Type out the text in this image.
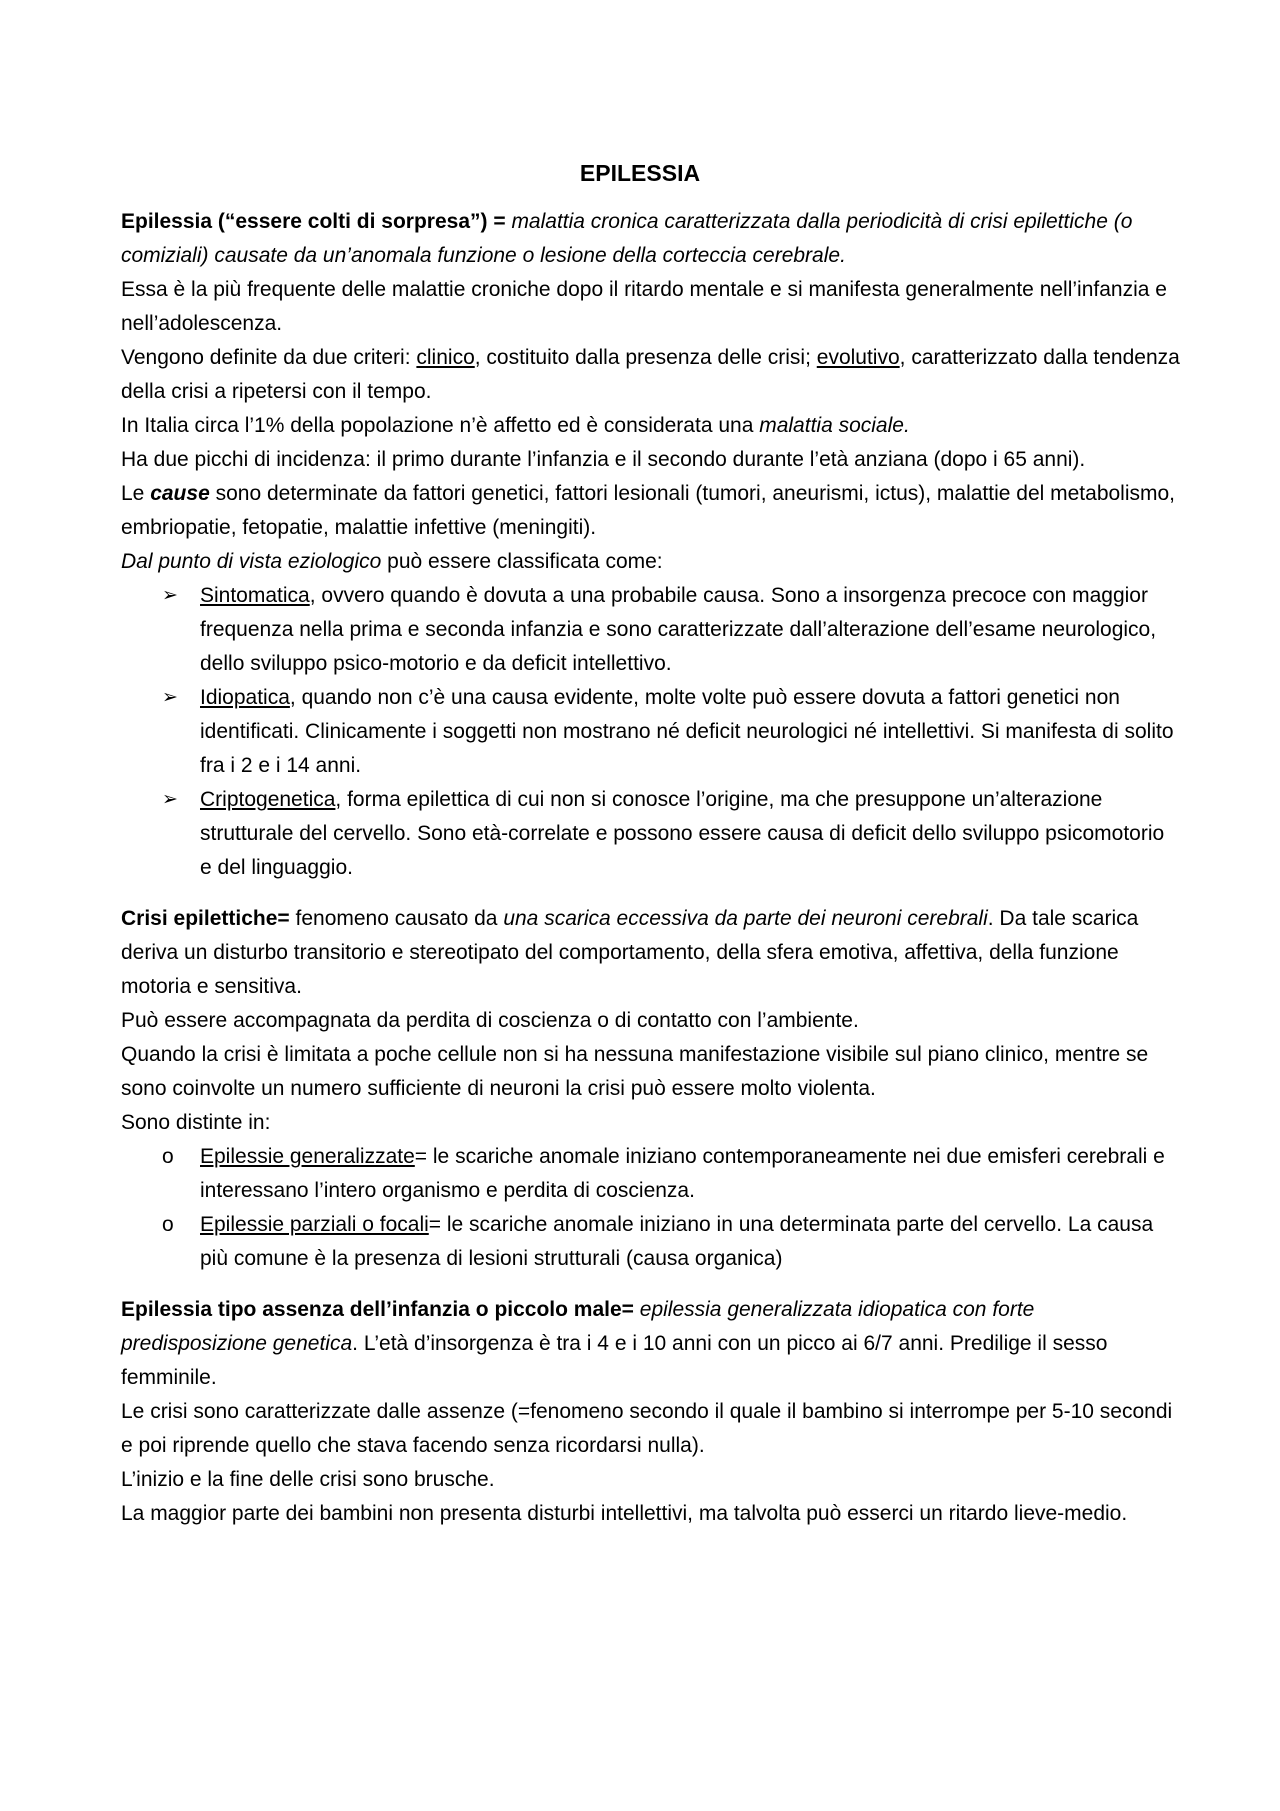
EPILESSIA

Epilessia (“essere colti di sorpresa”) = malattia cronica caratterizzata dalla periodicità di crisi epilettiche (o comiziali) causate da un’anomala funzione o lesione della corteccia cerebrale.

Essa è la più frequente delle malattie croniche dopo il ritardo mentale e si manifesta generalmente nell’infanzia e nell’adolescenza.

Vengono definite da due criteri: clinico, costituito dalla presenza delle crisi; evolutivo, caratterizzato dalla tendenza della crisi a ripetersi con il tempo.

In Italia circa l’1% della popolazione n’è affetto ed è considerata una malattia sociale.

Ha due picchi di incidenza: il primo durante l’infanzia e il secondo durante l’età anziana (dopo i 65 anni).

Le cause sono determinate da fattori genetici, fattori lesionali (tumori, aneurismi, ictus), malattie del metabolismo, embriopatie, fetopatie, malattie infettive (meningiti).

Dal punto di vista eziologico può essere classificata come:

➢ Sintomatica, ovvero quando è dovuta a una probabile causa. Sono a insorgenza precoce con maggior frequenza nella prima e seconda infanzia e sono caratterizzate dall’alterazione dell’esame neurologico, dello sviluppo psico-motorio e da deficit intellettivo.
➢ Idiopatica, quando non c’è una causa evidente, molte volte può essere dovuta a fattori genetici non identificati. Clinicamente i soggetti non mostrano né deficit neurologici né intellettivi. Si manifesta di solito fra i 2 e i 14 anni.
➢ Criptogenetica, forma epilettica di cui non si conosce l’origine, ma che presuppone un’alterazione strutturale del cervello. Sono età-correlate e possono essere causa di deficit dello sviluppo psicomotorio e del linguaggio.

Crisi epilettiche= fenomeno causato da una scarica eccessiva da parte dei neuroni cerebrali. Da tale scarica deriva un disturbo transitorio e stereotipato del comportamento, della sfera emotiva, affettiva, della funzione motoria e sensitiva.

Può essere accompagnata da perdita di coscienza o di contatto con l’ambiente.

Quando la crisi è limitata a poche cellule non si ha nessuna manifestazione visibile sul piano clinico, mentre se sono coinvolte un numero sufficiente di neuroni la crisi può essere molto violenta.

Sono distinte in:

o Epilessie generalizzate= le scariche anomale iniziano contemporaneamente nei due emisferi cerebrali e interessano l’intero organismo e perdita di coscienza.
o Epilessie parziali o focali= le scariche anomale iniziano in una determinata parte del cervello. La causa più comune è la presenza di lesioni strutturali (causa organica)

Epilessia tipo assenza dell’infanzia o piccolo male= epilessia generalizzata idiopatica con forte predisposizione genetica. L’età d’insorgenza è tra i 4 e i 10 anni con un picco ai 6/7 anni. Predilige il sesso femminile.

Le crisi sono caratterizzate dalle assenze (=fenomeno secondo il quale il bambino si interrompe per 5-10 secondi e poi riprende quello che stava facendo senza ricordarsi nulla).

L’inizio e la fine delle crisi sono brusche.

La maggior parte dei bambini non presenta disturbi intellettivi, ma talvolta può esserci un ritardo lieve-medio.
